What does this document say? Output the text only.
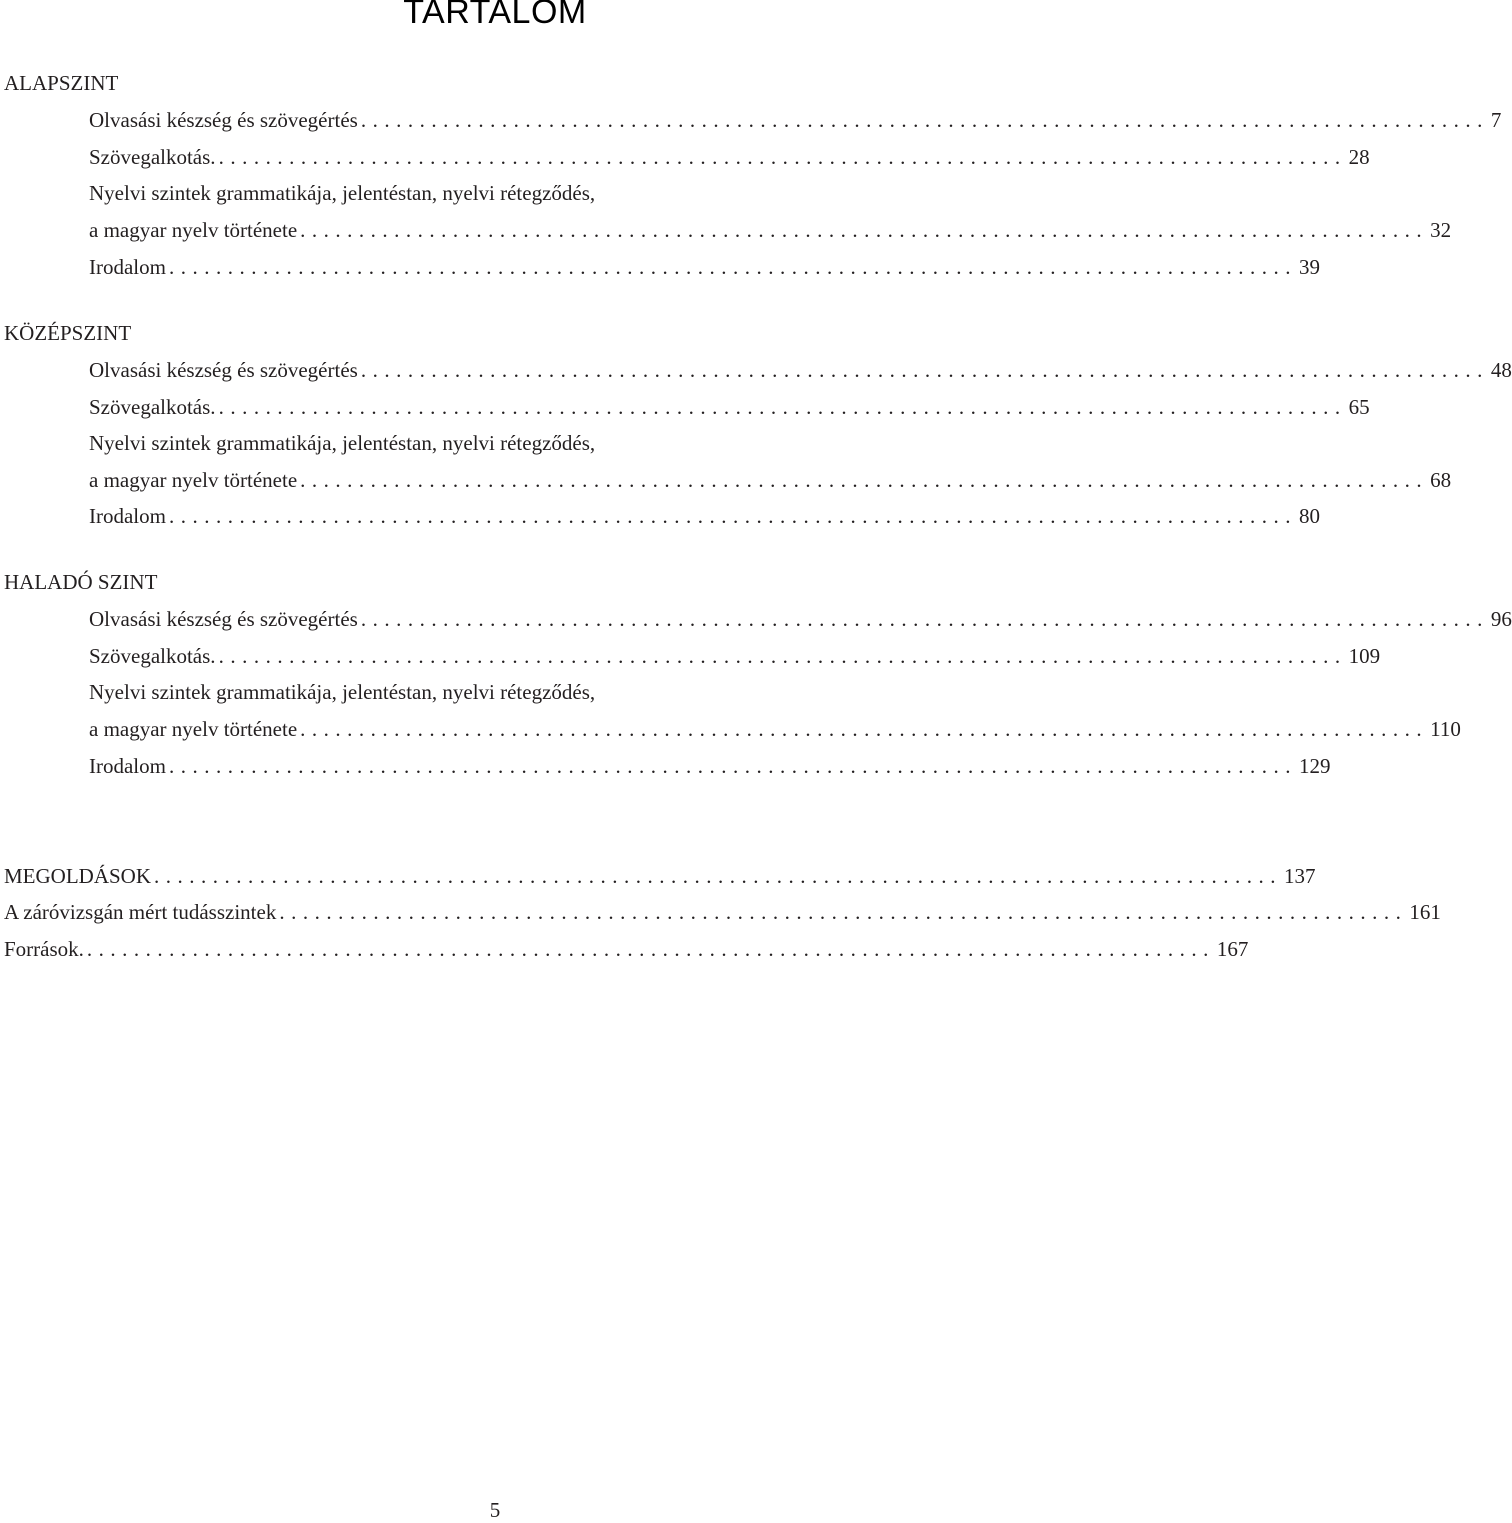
TARTALOM
ALAPSZINT
Olvasási készség és szövegértés ................................................................................................ 7
Szövegalkotás. ................................................................................................ 28
Nyelvi szintek grammatikája, jelentéstan, nyelvi rétegződés,
a magyar nyelv története ................................................................................................ 32
Irodalom ................................................................................................ 39
KÖZÉPSZINT
Olvasási készség és szövegértés ................................................................................................ 48
Szövegalkotás. ................................................................................................ 65
Nyelvi szintek grammatikája, jelentéstan, nyelvi rétegződés,
a magyar nyelv története ................................................................................................ 68
Irodalom ................................................................................................ 80
HALADÓ SZINT
Olvasási készség és szövegértés ................................................................................................ 96
Szövegalkotás. ................................................................................................ 109
Nyelvi szintek grammatikája, jelentéstan, nyelvi rétegződés,
a magyar nyelv története ................................................................................................ 110
Irodalom ................................................................................................ 129
MEGOLDÁSOK ................................................................................................ 137
A záróvizsgán mért tudásszintek ................................................................................................ 161
Források. ................................................................................................ 167
5
